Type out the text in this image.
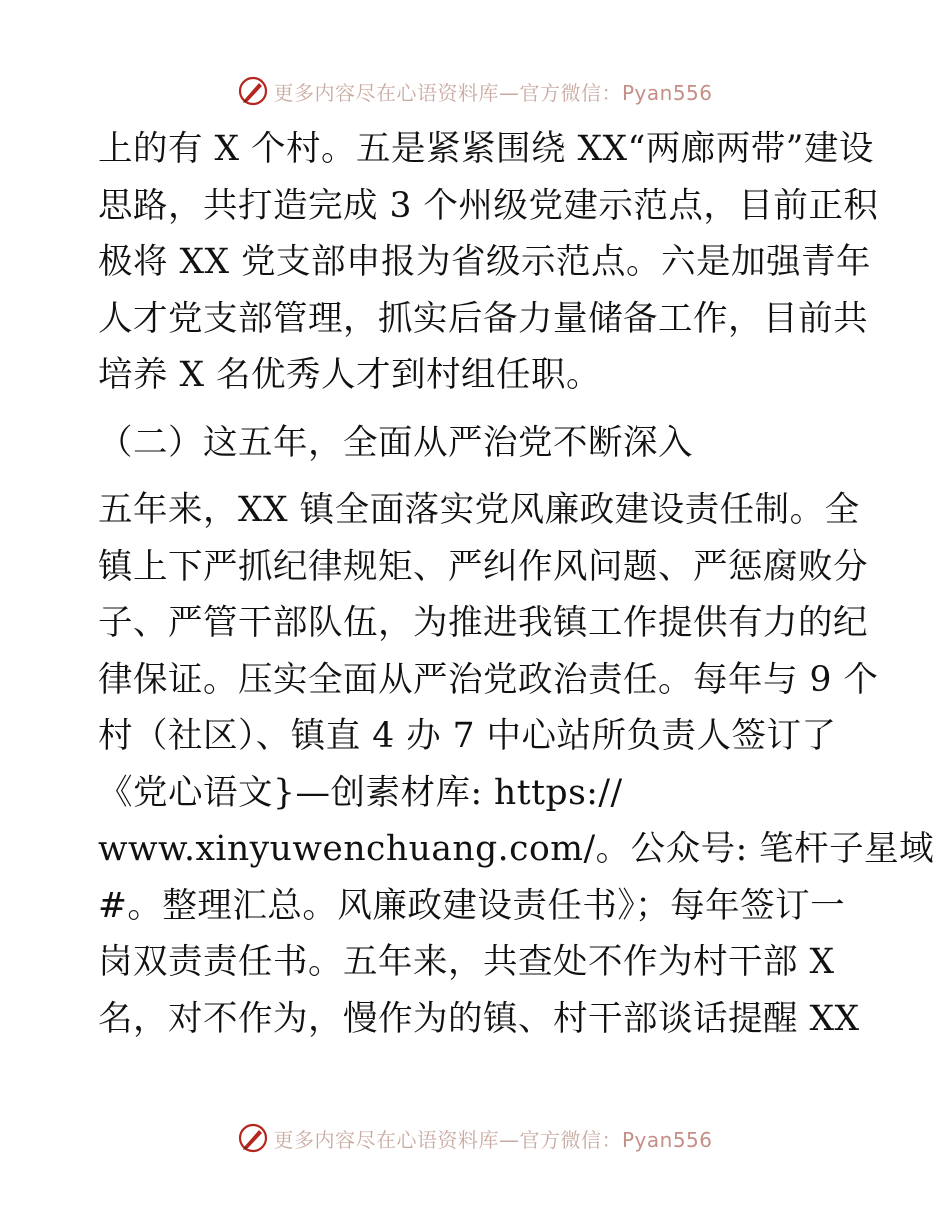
更多内容尽在心语资料库—官方微信：Pyan556
上的有 X 个村。五是紧紧围绕 XX“两廊两带”建设
思路，共打造完成 3 个州级党建示范点，目前正积
极将 XX 党支部申报为省级示范点。六是加强青年
人才党支部管理，抓实后备力量储备工作，目前共
培养 X 名优秀人才到村组任职。
（二）这五年，全面从严治党不断深入
五年来，XX 镇全面落实党风廉政建设责任制。全
镇上下严抓纪律规矩、严纠作风问题、严惩腐败分
子、严管干部队伍，为推进我镇工作提供有力的纪
律保证。压实全面从严治党政治责任。每年与 9 个
村（社区）、镇直 4 办 7 中心站所负责人签订了
《党心语文}—创素材库: https://
www.xinyuwenchuang.com/。公众号: 笔杆子星域
#。整理汇总。风廉政建设责任书》；每年签订一
岗双责责任书。五年来，共查处不作为村干部 X
名，对不作为，慢作为的镇、村干部谈话提醒 XX
更多内容尽在心语资料库—官方微信：Pyan556
